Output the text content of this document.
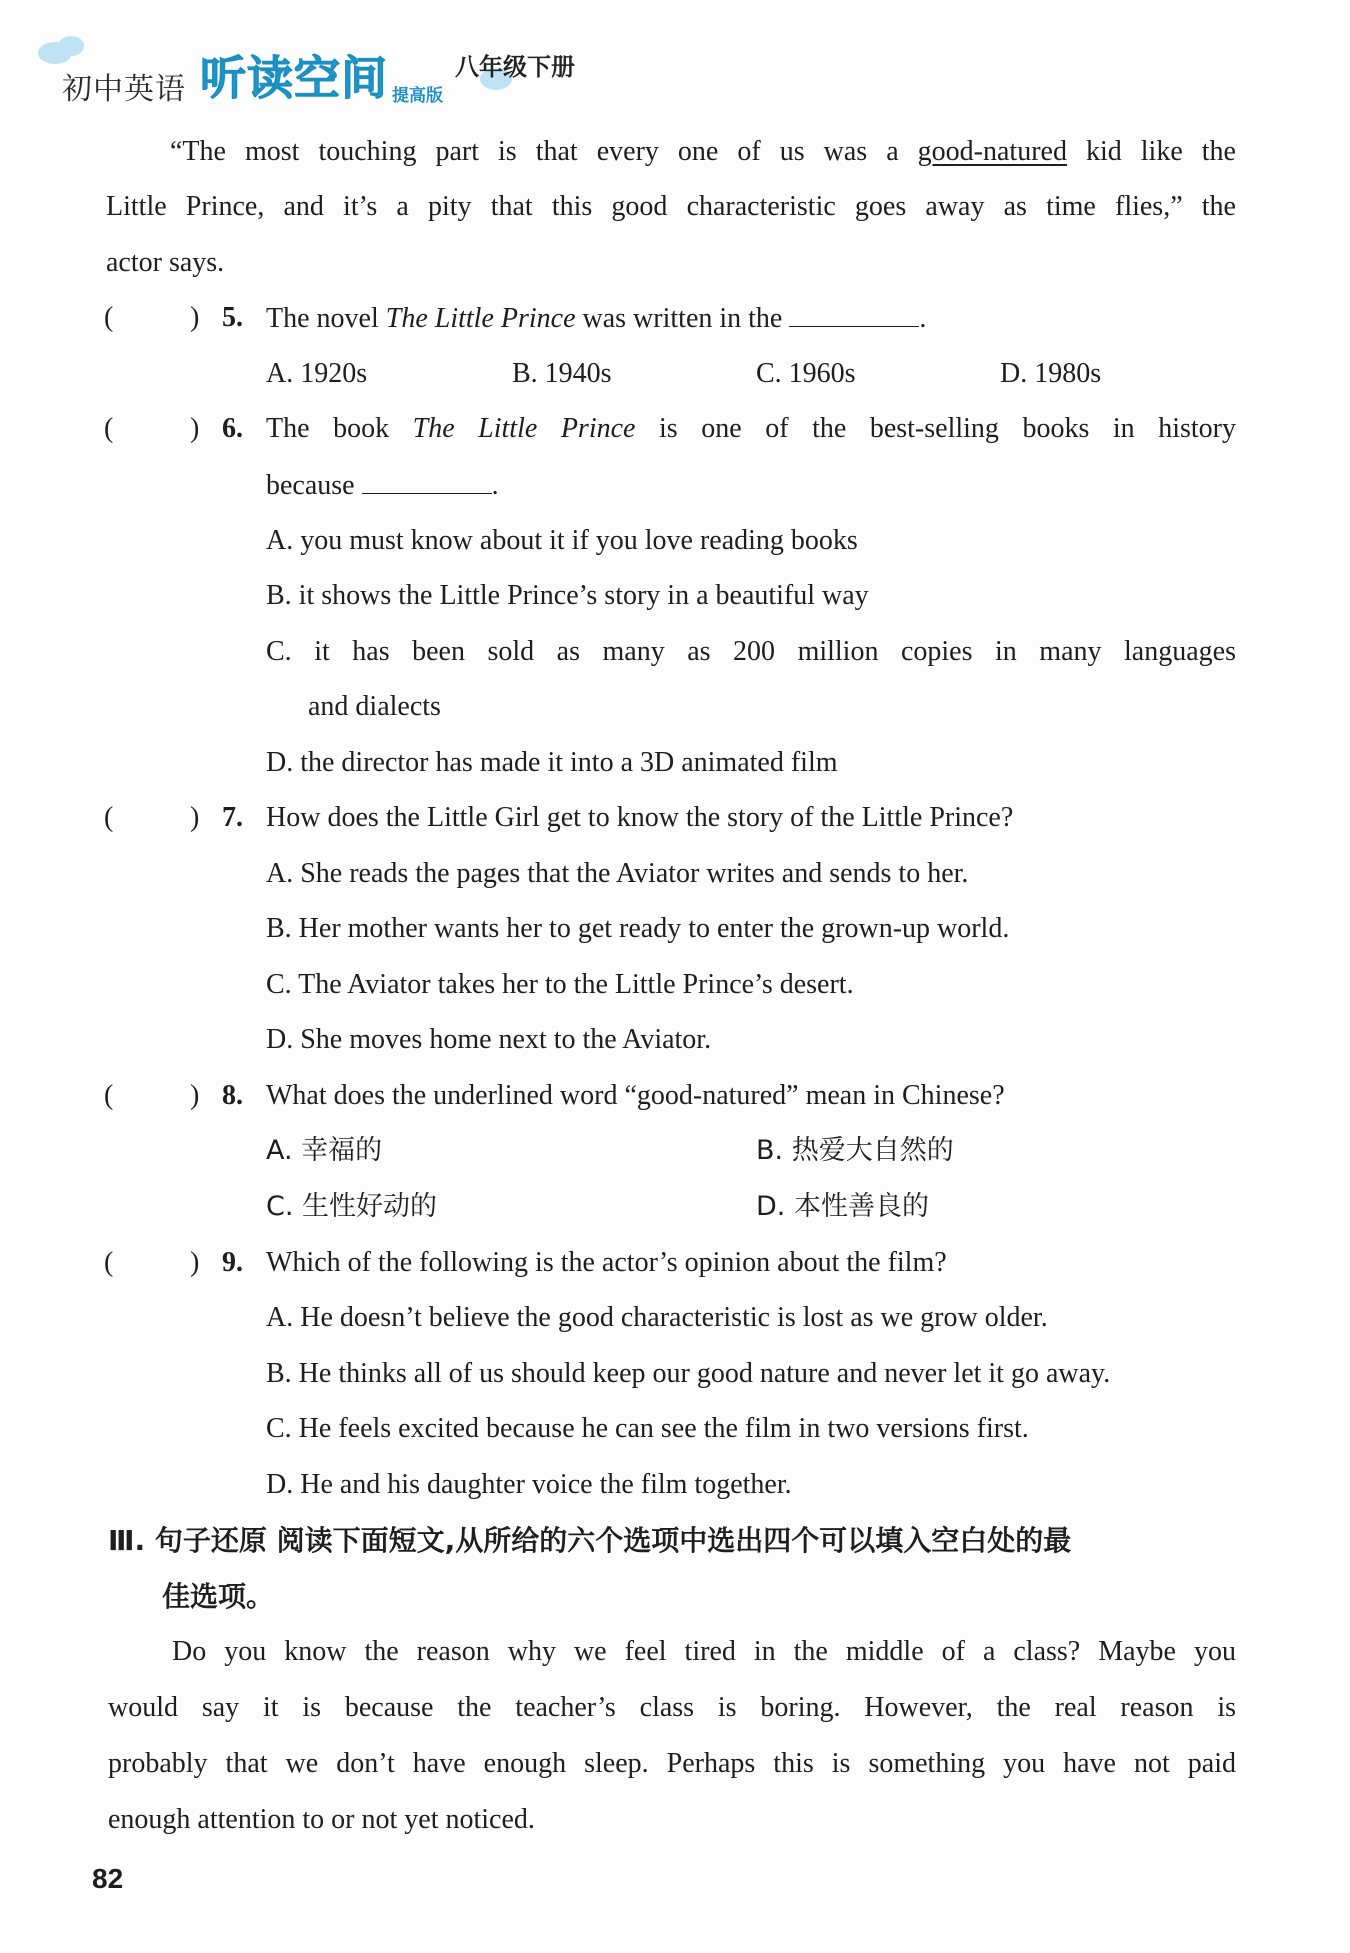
初中英语 听读空间 提高版
八年级下册
“The most touching part is that every one of us was a good-natured kid like the
Little Prince, and it’s a pity that this good characteristic goes away as time flies,” the
actor says.
(	) 5. The novel The Little Prince was written in the	.
A. 1920s	B. 1940s	C. 1960s	D. 1980s
(	) 6. The book The Little Prince is one of the best-selling books in history
because	.
A. you must know about it if you love reading books
B. it shows the Little Prince’s story in a beautiful way
C. it has been sold as many as 200 million copies in many languages
and dialects
D. the director has made it into a 3D animated film
(	) 7. How does the Little Girl get to know the story of the Little Prince?
A. She reads the pages that the Aviator writes and sends to her.
B. Her mother wants her to get ready to enter the grown-up world.
C. The Aviator takes her to the Little Prince’s desert.
D. She moves home next to the Aviator.
(	) 8. What does the underlined word “good-natured” mean in Chinese?
A. 幸福的	B. 热爱大自然的
C. 生性好动的	D. 本性善良的
(	) 9. Which of the following is the actor’s opinion about the film?
A. He doesn’t believe the good characteristic is lost as we grow older.
B. He thinks all of us should keep our good nature and never let it go away.
C. He feels excited because he can see the film in two versions first.
D. He and his daughter voice the film together.
Ⅲ. 句子还原 阅读下面短文,从所给的六个选项中选出四个可以填入空白处的最
佳选项。
Do you know the reason why we feel tired in the middle of a class? Maybe you
would say it is because the teacher’s class is boring. However, the real reason is
probably that we don’t have enough sleep. Perhaps this is something you have not paid
enough attention to or not yet noticed.
82
